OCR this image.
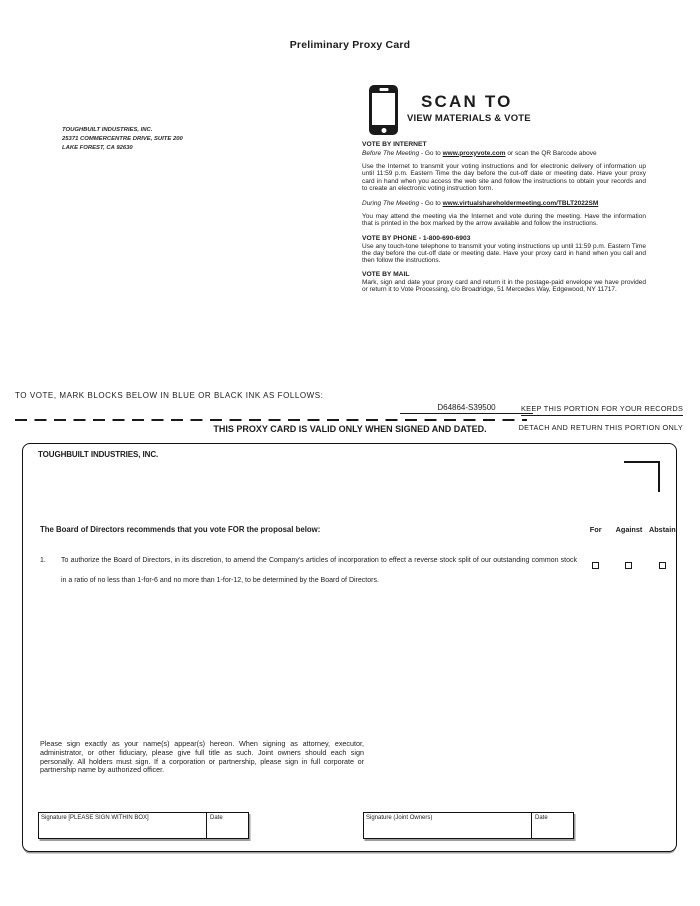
Preliminary Proxy Card
TOUGHBUILT INDUSTRIES, INC.
25371 COMMERCENTRE DRIVE, SUITE 200
LAKE FOREST, CA 92630
SCAN TO
VIEW MATERIALS & VOTE
VOTE BY INTERNET
Before The Meeting - Go to www.proxyvote.com or scan the QR Barcode above
Use the Internet to transmit your voting instructions and for electronic delivery of information up until 11:59 p.m. Eastern Time the day before the cut-off date or meeting date. Have your proxy card in hand when you access the web site and follow the instructions to obtain your records and to create an electronic voting instruction form.
During The Meeting - Go to www.virtualshareholdermeeting.com/TBLT2022SM
You may attend the meeting via the Internet and vote during the meeting. Have the information that is printed in the box marked by the arrow available and follow the instructions.
VOTE BY PHONE - 1-800-690-6903
Use any touch-tone telephone to transmit your voting instructions up until 11:59 p.m. Eastern Time the day before the cut-off date or meeting date. Have your proxy card in hand when you call and then follow the instructions.
VOTE BY MAIL
Mark, sign and date your proxy card and return it in the postage-paid envelope we have provided or return it to Vote Processing, c/o Broadridge, 51 Mercedes Way, Edgewood, NY 11717.
TO VOTE, MARK BLOCKS BELOW IN BLUE OR BLACK INK AS FOLLOWS:
D64864-S39500	KEEP THIS PORTION FOR YOUR RECORDS
THIS PROXY CARD IS VALID ONLY WHEN SIGNED AND DATED.	DETACH AND RETURN THIS PORTION ONLY
TOUGHBUILT INDUSTRIES, INC.
The Board of Directors recommends that you vote FOR the proposal below:	For	Against Abstain
1. To authorize the Board of Directors, in its discretion, to amend the Company's articles of incorporation to effect a reverse stock split of our outstanding common stock in a ratio of no less than 1-for-6 and no more than 1-for-12, to be determined by the Board of Directors.
Please sign exactly as your name(s) appear(s) hereon. When signing as attorney, executor, administrator, or other fiduciary, please give full title as such. Joint owners should each sign personally. All holders must sign. If a corporation or partnership, please sign in full corporate or partnership name by authorized officer.
Signature [PLEASE SIGN WITHIN BOX]	Date	Signature (Joint Owners)	Date
